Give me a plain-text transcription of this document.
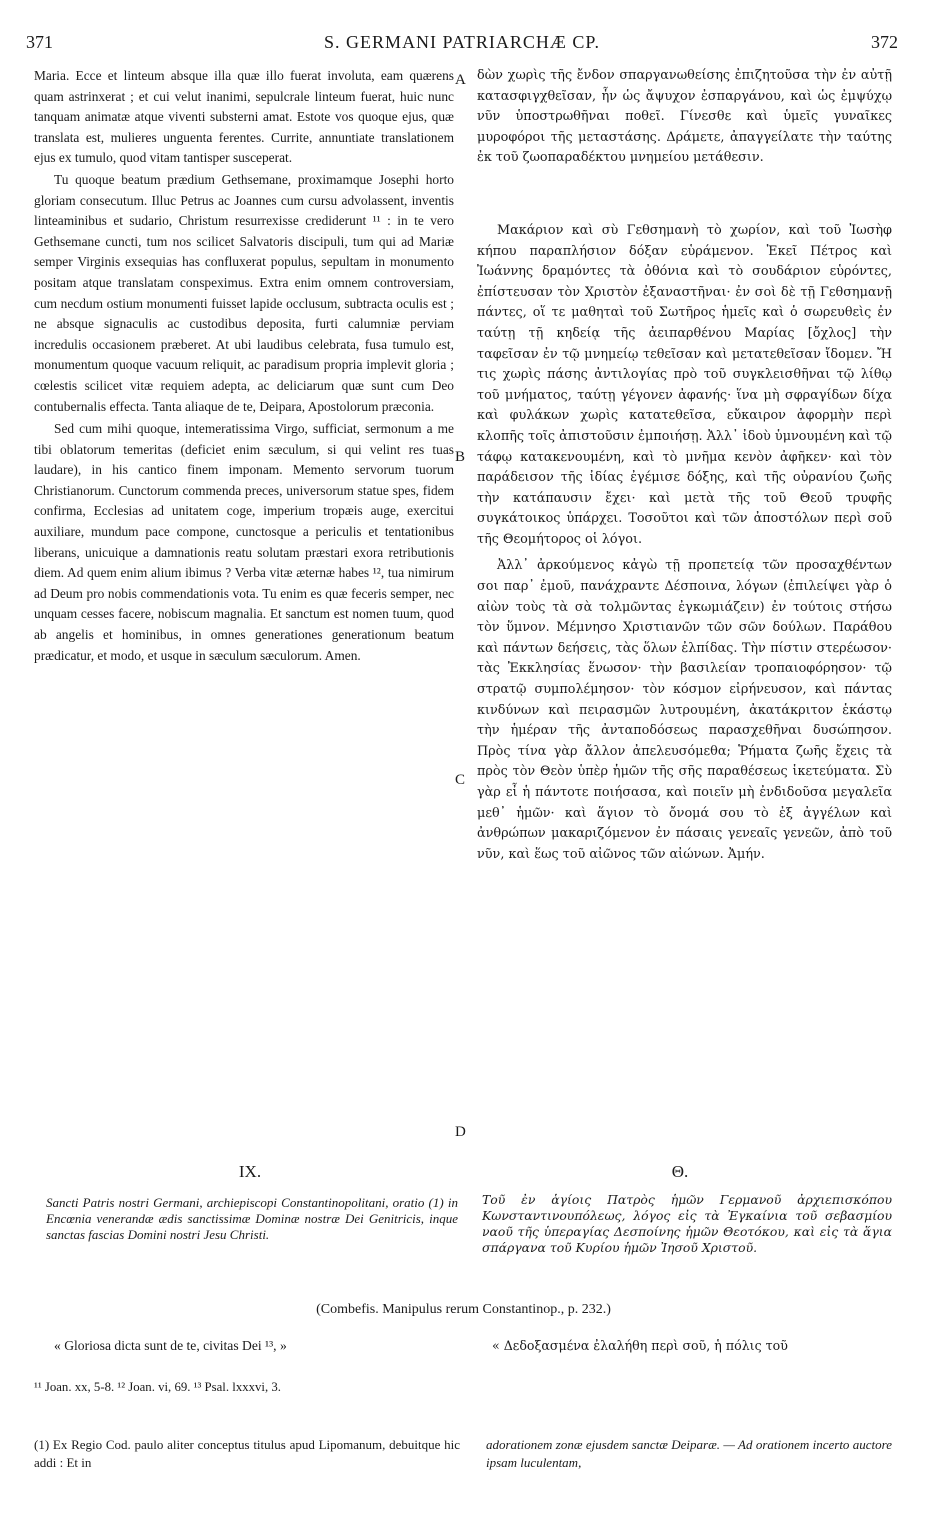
371	S. GERMANI PATRIARCHÆ CP.	372

Maria. Ecce et linteum absque illa quæ illo fuerat involuta, eam quærens quam astrinxerat ; et cui velut inanimi, sepulcrale linteum fuerat, huic nunc tanquam animatæ atque viventi substerni amat. Estote vos quoque ejus, quæ translata est, mulieres unguenta ferentes. Currite, annuntiate translationem ejus ex tumulo, quod vitam tantisper susceperat.

Tu quoque beatum prædium Gethsemane, proximamque Josephi horto gloriam consecutum. Illuc Petrus ac Joannes cum cursu advolassent, inventis linteaminibus et sudario, Christum resurrexisse crediderunt ¹¹ : in te vero Gethsemane cuncti, tum nos scilicet Salvatoris discipuli, tum qui ad Mariæ semper Virginis exsequias has confluxerat populus, sepultam in monumento positam atque translatam conspeximus. Extra enim omnem controversiam, cum necdum ostium monumenti fuisset lapide occlusum, subtracta oculis est ; ne absque signaculis ac custodibus deposita, furti calumniæ perviam incredulis occasionem præberet. At ubi laudibus celebrata, fusa tumulo est, monumentum quoque vacuum reliquit, ac paradisum propria implevit gloria ; cœlestis scilicet vitæ requiem adepta, ac deliciarum quæ sunt cum Deo contubernalis effecta. Tanta aliaque de te, Deipara, Apostolorum præconia.

Sed cum mihi quoque, intemeratissima Virgo, sufficiat, sermonum a me tibi oblatorum temeritas (deficiet enim sæculum, si qui velint res tuas laudare), in his cantico finem imponam. Memento servorum tuorum Christianorum. Cunctorum commenda preces, universorum statue spes, fidem confirma, Ecclesias ad unitatem coge, imperium tropæis auge, exercitui auxiliare, mundum pace compone, cunctosque a periculis et tentationibus liberans, unicuique a damnationis reatu solutam præstari exora retributionis diem. Ad quem enim alium ibimus ? Verba vitæ æternæ habes ¹², tua nimirum ad Deum pro nobis commendationis vota. Tu enim es quæ feceris semper, nec unquam cesses facere, nobiscum magnalia. Et sanctum est nomen tuum, quod ab angelis et hominibus, in omnes generationes generationum beatum prædicatur, et modo, et usque in sæculum sæculorum. Amen.

δὼν χωρὶς τῆς ἔνδον σπαργανωθείσης ἐπιζητοῦσα τὴν ἐν αὐτῇ κατασφιγχθεῖσαν, ἧν ὡς ἄψυχον ἐσπαργάνου, καὶ ὡς ἐμψύχῳ νῦν ὑποστρωθῆναι ποθεῖ. Γίνεσθε καὶ ὑμεῖς γυναῖκες μυροφόροι τῆς μεταστάσης. Δράμετε, ἀπαγγείλατε τὴν ταύτης ἐκ τοῦ ζωοπαραδέκτου μνημείου μετάθεσιν.

Μακάριον καὶ σὺ Γεθσημανὴ τὸ χωρίον, καὶ τοῦ Ἰωσὴφ κήπου παραπλήσιον δόξαν εὑράμενον. Ἐκεῖ Πέτρος καὶ Ἰωάννης δραμόντες τὰ ὀθόνια καὶ τὸ σουδάριον εὑρόντες, ἐπίστευσαν τὸν Χριστὸν ἐξαναστῆναι· ἐν σοὶ δὲ τῇ Γεθσημανῇ πάντες, οἵ τε μαθηταὶ τοῦ Σωτῆρος ἡμεῖς καὶ ὁ σωρευθεὶς ἐν ταύτῃ τῇ κηδείᾳ τῆς ἀειπαρθένου Μαρίας [ὄχλος] τὴν ταφεῖσαν ἐν τῷ μνημείῳ τεθεῖσαν καὶ μετατεθεῖσαν ἴδομεν. Ἤ τις χωρὶς πάσης ἀντιλογίας πρὸ τοῦ συγκλεισθῆναι τῷ λίθῳ τοῦ μνήματος, ταύτῃ γέγονεν ἀφανής· ἵνα μὴ σφραγίδων δίχα καὶ φυλάκων χωρὶς κατατεθεῖσα, εὔκαιρον ἀφορμὴν περὶ κλοπῆς τοῖς ἀπιστοῦσιν ἐμποιήσῃ. Ἀλλ᾽ ἰδοὺ ὑμνουμένη καὶ τῷ τάφῳ κατακενουμένη, καὶ τὸ μνῆμα κενὸν ἀφῆκεν· καὶ τὸν παράδεισον τῆς ἰδίας ἐγέμισε δόξης, καὶ τῆς οὐρανίου ζωῆς τὴν κατάπαυσιν ἔχει· καὶ μετὰ τῆς τοῦ Θεοῦ τρυφῆς συγκάτοικος ὑπάρχει. Τοσοῦτοι καὶ τῶν ἀποστόλων περὶ σοῦ τῆς Θεομήτορος οἱ λόγοι.

Ἀλλ᾽ ἀρκούμενος κἀγὼ τῇ προπετείᾳ τῶν προσαχθέντων σοι παρ᾽ ἐμοῦ, πανάχραντε Δέσποινα, λόγων (ἐπιλείψει γὰρ ὁ αἰὼν τοὺς τὰ σὰ τολμῶντας ἐγκωμιάζειν) ἐν τούτοις στήσω τὸν ὕμνον. Μέμνησο Χριστιανῶν τῶν σῶν δούλων. Παράθου καὶ πάντων δεήσεις, τὰς ὅλων ἐλπίδας. Τὴν πίστιν στερέωσον· τὰς Ἐκκλησίας ἕνωσον· τὴν βασιλείαν τροπαιοφόρησον· τῷ στρατῷ συμπολέμησον· τὸν κόσμον εἰρήνευσον, καὶ πάντας κινδύνων καὶ πειρασμῶν λυτρουμένη, ἀκατάκριτον ἑκάστῳ τὴν ἡμέραν τῆς ἀνταποδόσεως παρασχεθῆναι δυσώπησον. Πρὸς τίνα γὰρ ἄλλον ἀπελευσόμεθα; Ῥήματα ζωῆς ἔχεις τὰ πρὸς τὸν Θεὸν ὑπὲρ ἡμῶν τῆς σῆς παραθέσεως ἱκετεύματα. Σὺ γὰρ εἶ ἡ πάντοτε ποιήσασα, καὶ ποιεῖν μὴ ἐνδιδοῦσα μεγαλεῖα μεθ᾽ ἡμῶν· καὶ ἅγιον τὸ ὄνομά σου τὸ ἐξ ἀγγέλων καὶ ἀνθρώπων μακαριζόμενον ἐν πάσαις γενεαῖς γενεῶν, ἀπὸ τοῦ νῦν, καὶ ἕως τοῦ αἰῶνος τῶν αἰώνων. Ἀμήν.

A
B
C
D
IX.	Θ.
Sancti Patris nostri Germani, archiepiscopi Constantinopolitani, oratio (1) in Encœnia venerandæ ædis sanctissimæ Dominæ nostræ Dei Genitricis, inque sanctas fascias Domini nostri Jesu Christi.
Τοῦ ἐν ἁγίοις Πατρὸς ἡμῶν Γερμανοῦ ἀρχιεπισκόπου Κωνσταντινουπόλεως, λόγος εἰς τὰ Ἐγκαίνια τοῦ σεβασμίου ναοῦ τῆς ὑπεραγίας Δεσποίνης ἡμῶν Θεοτόκου, καὶ εἰς τὰ ἅγια σπάργανα τοῦ Κυρίου ἡμῶν Ἰησοῦ Χριστοῦ.
(Combefis. Manipulus rerum Constantinop., p. 232.)
« Gloriosa dicta sunt de te, civitas Dei ¹³, »	« Δεδοξασμένα ἐλαλήθη περὶ σοῦ, ἡ πόλις τοῦ
¹¹ Joan. xx, 5-8. ¹² Joan. vi, 69. ¹³ Psal. lxxxvi, 3.
(1) Ex Regio Cod. paulo aliter conceptus titulus apud Lipomanum, debuitque hic addi : Et in
adorationem zonæ ejusdem sanctæ Deiparæ. — Ad orationem incerto auctore ipsam luculentam,
